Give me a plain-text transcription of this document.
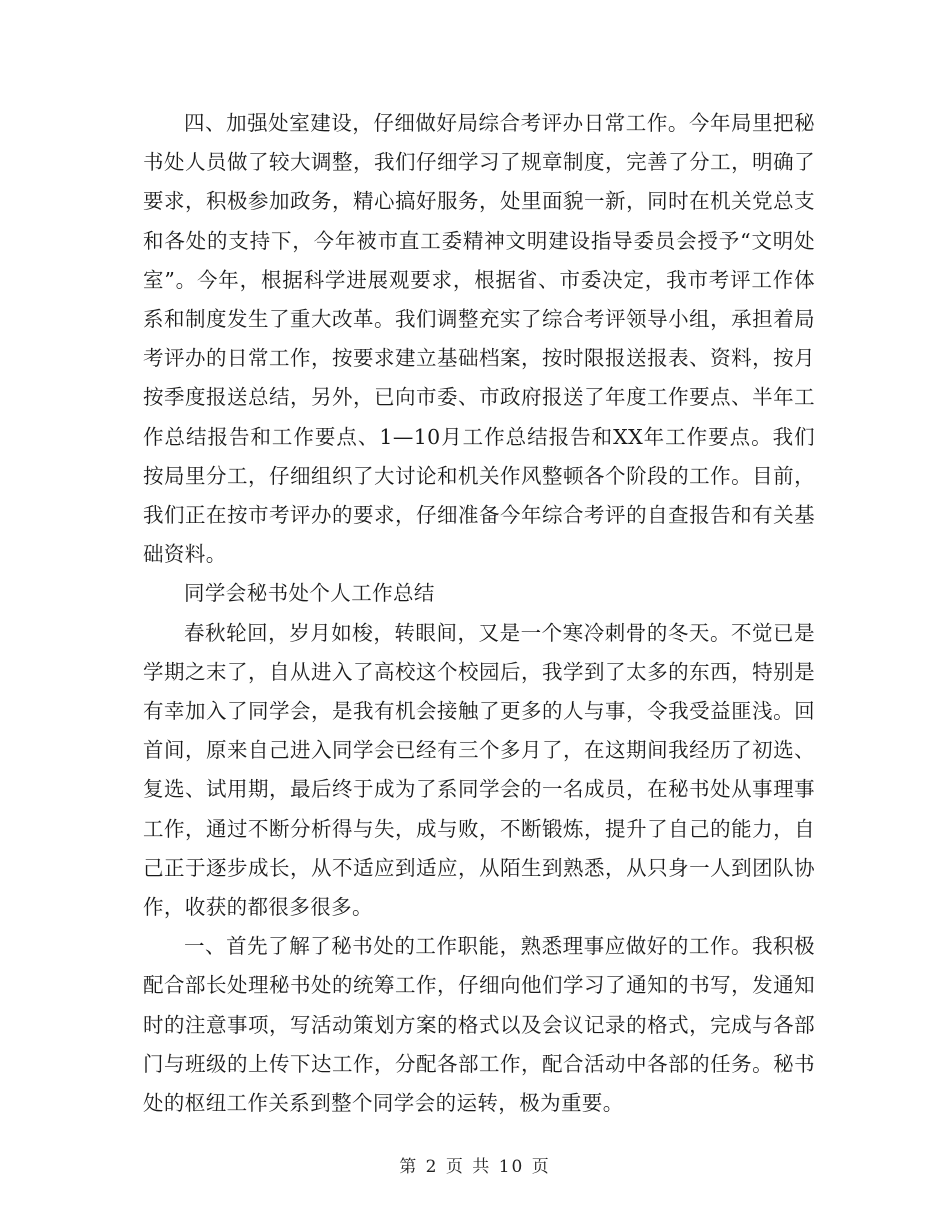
四、加强处室建设，仔细做好局综合考评办日常工作。今年局里把秘书处人员做了较大调整，我们仔细学习了规章制度，完善了分工，明确了要求，积极参加政务，精心搞好服务，处里面貌一新，同时在机关党总支和各处的支持下，今年被市直工委精神文明建设指导委员会授予“文明处室”。今年，根据科学进展观要求，根据省、市委决定，我市考评工作体系和制度发生了重大改革。我们调整充实了综合考评领导小组，承担着局考评办的日常工作，按要求建立基础档案，按时限报送报表、资料，按月按季度报送总结，另外，已向市委、市政府报送了年度工作要点、半年工作总结报告和工作要点、1—10月工作总结报告和XX年工作要点。我们按局里分工，仔细组织了大讨论和机关作风整顿各个阶段的工作。目前，我们正在按市考评办的要求，仔细准备今年综合考评的自查报告和有关基础资料。

同学会秘书处个人工作总结

春秋轮回，岁月如梭，转眼间，又是一个寒冷刺骨的冬天。不觉已是学期之末了，自从进入了高校这个校园后，我学到了太多的东西，特别是有幸加入了同学会，是我有机会接触了更多的人与事，令我受益匪浅。回首间，原来自己进入同学会已经有三个多月了，在这期间我经历了初选、复选、试用期，最后终于成为了系同学会的一名成员，在秘书处从事理事工作，通过不断分析得与失，成与败，不断锻炼，提升了自己的能力，自己正于逐步成长，从不适应到适应，从陌生到熟悉，从只身一人到团队协作，收获的都很多很多。

一、首先了解了秘书处的工作职能，熟悉理事应做好的工作。我积极配合部长处理秘书处的统筹工作，仔细向他们学习了通知的书写，发通知时的注意事项，写活动策划方案的格式以及会议记录的格式，完成与各部门与班级的上传下达工作，分配各部工作，配合活动中各部的任务。秘书处的枢纽工作关系到整个同学会的运转，极为重要。

第 2 页 共 10 页
